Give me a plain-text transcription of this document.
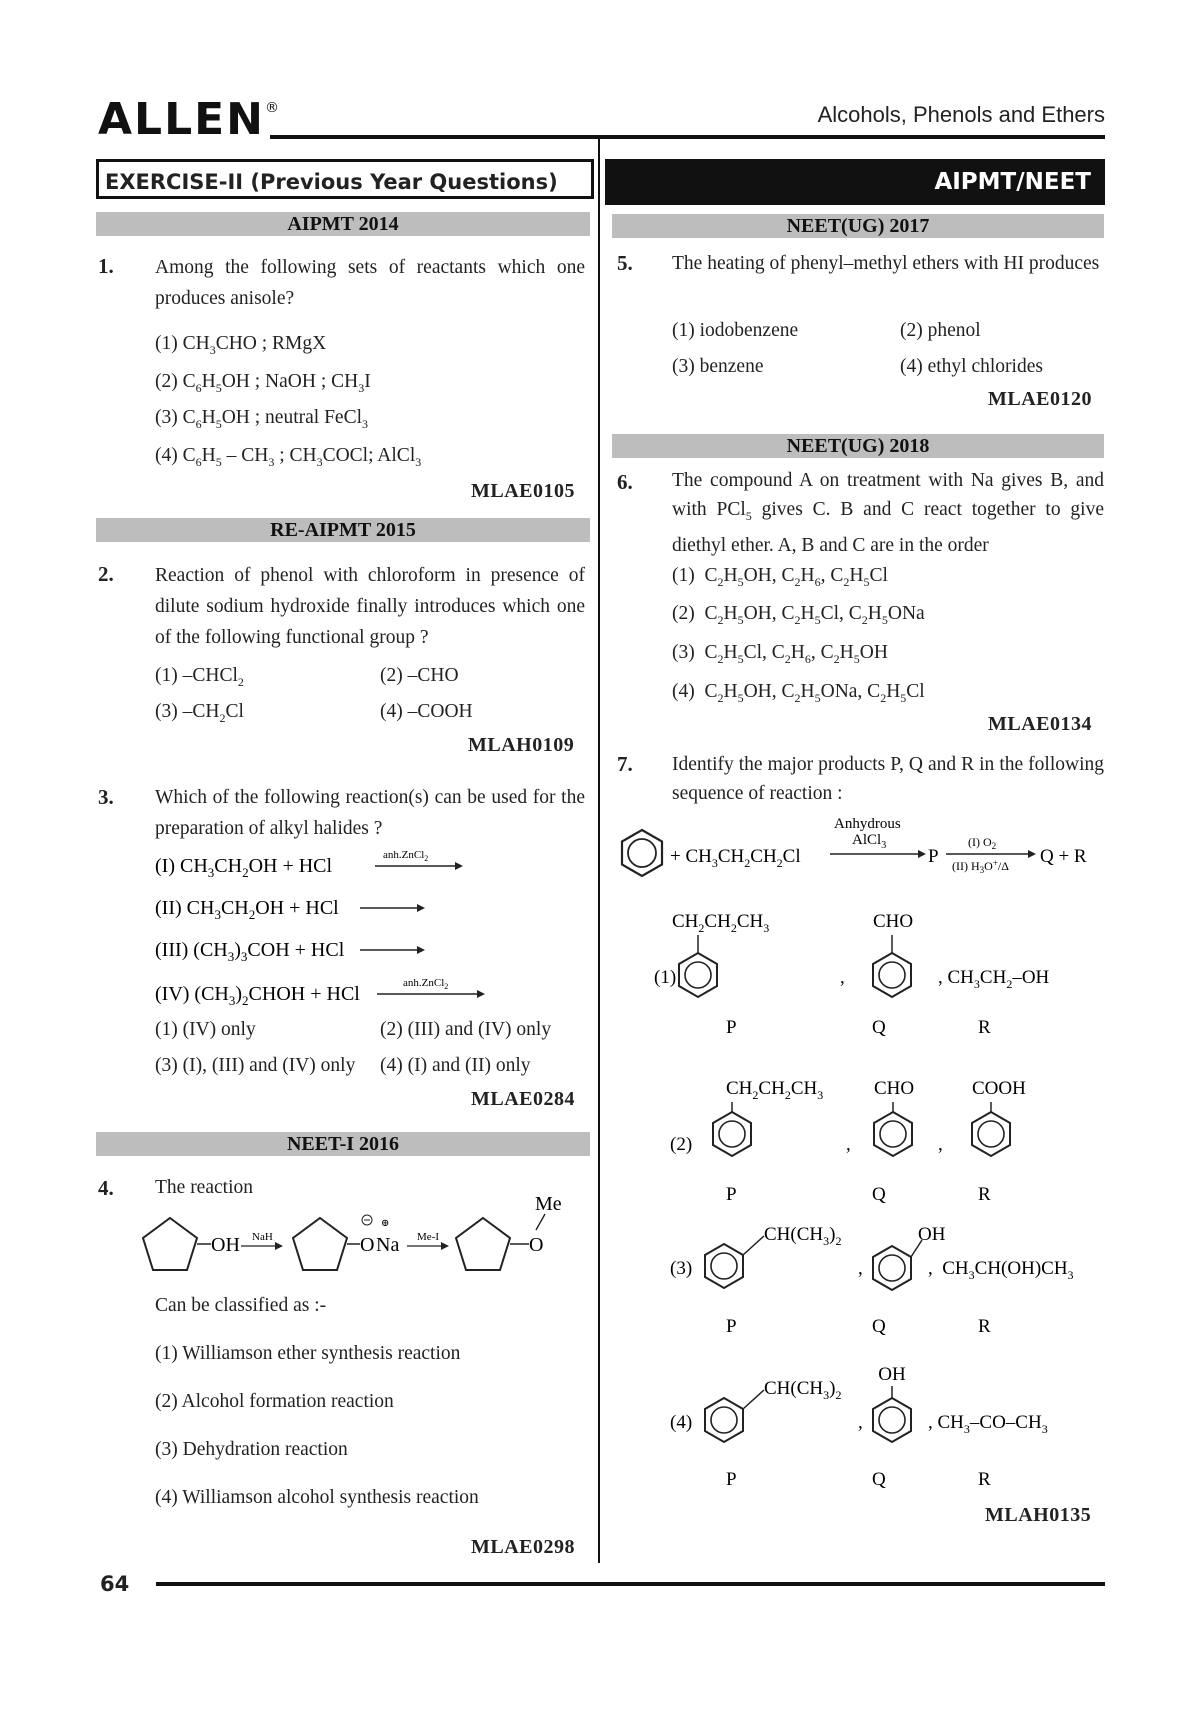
ALLEN®	Alcohols, Phenols and Ethers
EXERCISE-II (Previous Year Questions)	AIPMT/NEET
AIPMT 2014
1. Among the following sets of reactants which one produces anisole?
(1) $CH_3CHO$ ; RMgX
(2) $C_6H_5OH$ ; NaOH ; $CH_3I$
(3) $C_6H_5OH$ ; neutral FeCl$_3$
(4) $C_6H_5 - CH_3$ ; $CH_3COCl$; AlCl$_3$
MLAE0105
RE-AIPMT 2015
2. Reaction of phenol with chloroform in presence of dilute sodium hydroxide finally introduces which one of the following functional group ?
(1) –CHCl$_2$	(2) –CHO
(3) $-CH_2Cl$	(4) –COOH
MLAH0109
3. Which of the following reaction(s) can be used for the preparation of alkyl halides ?
(I) $CH_3CH_2OH$ + HCl	anh.ZnCl$_2$
(II) $CH_3CH_2OH$ + HCl
(III) $(CH_3)_3COH$ + HCl
(IV) $(CH_3)_2CHOH$ + HCl	anh.ZnCl$_2$
(1) (IV) only	(2) (III) and (IV) only
(3) (I), (III) and (IV) only (4) (I) and (II) only
MLAE0284
NEET-I 2016
4. The reaction
OH NaH	O Na
⊕
Me-I	O
Me
Can be classified as :-
(1) Williamson ether synthesis reaction
(2) Alcohol formation reaction
(3) Dehydration reaction
(4) Williamson alcohol synthesis reaction
MLAE0298
NEET(UG) 2017
5. The heating of phenyl–methyl ethers with HI produces
(1) iodobenzene	(2) phenol
(3) benzene	(4) ethyl chlorides
MLAE0120
NEET(UG) 2018
6. The compound A on treatment with Na gives B, and with PCl$_5$ gives C. B and C react together to give diethyl ether. A, B and C are in the order
(1)  $C_2H_5OH$, $C_2H_6$, $C_2H_5Cl$
(2)  $C_2H_5OH$, $C_2H_5Cl$, $C_2H_5ONa$
(3)  $C_2H_5Cl$, $C_2H_6$, $C_2H_5OH$
(4)  $C_2H_5OH$, $C_2H_5ONa$, $C_2H_5Cl$
MLAE0134
7. Identify the major products P, Q and R in the following sequence of reaction :
+ $CH_3CH_2CH_2Cl$
Anhydrous
AlCl$_3$
P
(I) $O_2$
(II) $H_3O^+/\Delta$ Q + R
$CH_2CH_2CH_3$
(1)	,
CHO
, $CH_3CH_2-OH$
P	Q	R
$CH_2CH_2CH_3$
(2)	,
CHO
,
COOH
P	Q	R
$CH(CH_3)_2$
(3)	,
OH
,  $CH_3CH(OH)CH_3$
P	Q	R
$CH(CH_3)_2$
(4)	,
OH
, $CH_3-CO-CH_3$
P	Q	R
MLAH0135
64
